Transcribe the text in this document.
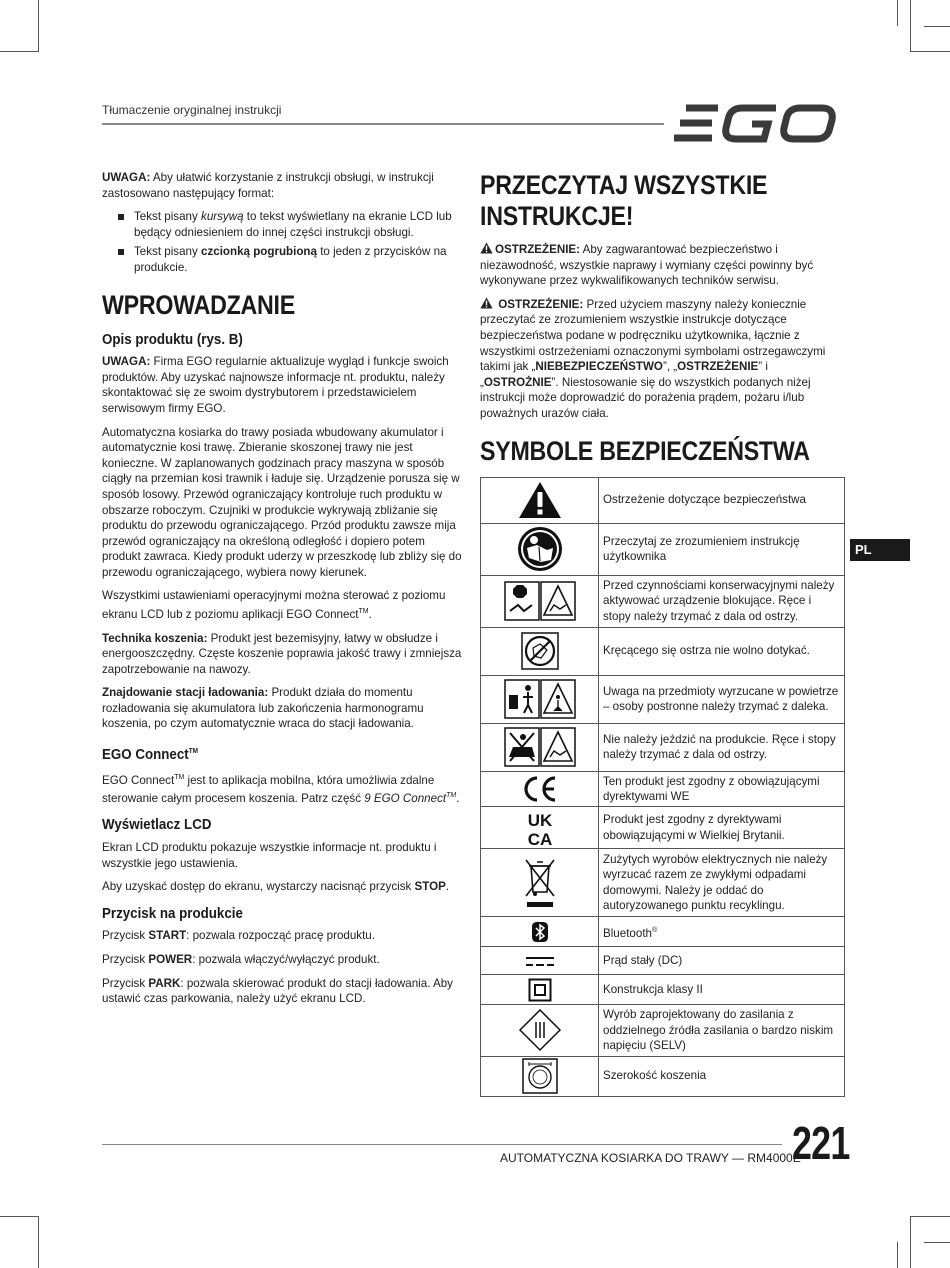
Tłumaczenie oryginalnej instrukcji

UWAGA: Aby ułatwić korzystanie z instrukcji obsługi, w instrukcji zastosowano następujący format:

Tekst pisany kursywą to tekst wyświetlany na ekranie LCD lub będący odniesieniem do innej części instrukcji obsługi.
Tekst pisany czcionką pogrubioną to jeden z przycisków na produkcie.
WPROWADZANIE
Opis produktu (rys. B)

UWAGA: Firma EGO regularnie aktualizuje wygląd i funkcje swoich produktów. Aby uzyskać najnowsze informacje nt. produktu, należy skontaktować się ze swoim dystrybutorem i przedstawicielem serwisowym firmy EGO.

Automatyczna kosiarka do trawy posiada wbudowany akumulator i automatycznie kosi trawę. Zbieranie skoszonej trawy nie jest konieczne. W zaplanowanych godzinach pracy maszyna w sposób ciągły na przemian kosi trawnik i ładuje się. Urządzenie porusza się w sposób losowy. Przewód ograniczający kontroluje ruch produktu w obszarze roboczym. Czujniki w produkcie wykrywają zbliżanie się produktu do przewodu ograniczającego. Przód produktu zawsze mija przewód ograniczający na określoną odległość i dopiero potem produkt zawraca. Kiedy produkt uderzy w przeszkodę lub zbliży się do przewodu ograniczającego, wybiera nowy kierunek.

Wszystkimi ustawieniami operacyjnymi można sterować z poziomu ekranu LCD lub z poziomu aplikacji EGO Connect™.

Technika koszenia: Produkt jest bezemisyjny, łatwy w obsłudze i energooszczędny. Częste koszenie poprawia jakość trawy i zmniejsza zapotrzebowanie na nawozy.

Znajdowanie stacji ładowania: Produkt działa do momentu rozładowania się akumulatora lub zakończenia harmonogramu koszenia, po czym automatycznie wraca do stacji ładowania.

EGO Connect™

EGO Connect™ jest to aplikacja mobilna, która umożliwia zdalne sterowanie całym procesem koszenia. Patrz część 9 EGO Connect™.

Wyświetlacz LCD

Ekran LCD produktu pokazuje wszystkie informacje nt. produktu i wszystkie jego ustawienia.

Aby uzyskać dostęp do ekranu, wystarczy nacisnąć przycisk STOP.

Przycisk na produkcie

Przycisk START: pozwala rozpocząć pracę produktu.

Przycisk POWER: pozwala włączyć/wyłączyć produkt.

Przycisk PARK: pozwala skierować produkt do stacji ładowania. Aby ustawić czas parkowania, należy użyć ekranu LCD.

PRZECZYTAJ WSZYSTKIE INSTRUKCJE!

OSTRZEŻENIE: Aby zagwarantować bezpieczeństwo i niezawodność, wszystkie naprawy i wymiany części powinny być wykonywane przez wykwalifikowanych techników serwisu.

OSTRZEŻENIE: Przed użyciem maszyny należy koniecznie przeczytać ze zrozumieniem wszystkie instrukcje dotyczące bezpieczeństwa podane w podręczniku użytkownika, łącznie z wszystkimi ostrzeżeniami oznaczonymi symbolami ostrzegawczymi takimi jak „NIEBEZPIECZEŃSTWO”, „OSTRZEŻENIE” i „OSTROŻNIE”. Niestosowanie się do wszystkich podanych niżej instrukcji może doprowadzić do porażenia prądem, pożaru i/lub poważnych urazów ciała.

SYMBOLE BEZPIECZEŃSTWA
	Ostrzeżenie dotyczące bezpieczeństwa

	Przeczytaj ze zrozumieniem instrukcję użytkownika

	Przed czynnościami konserwacyjnymi należy aktywować urządzenie blokujące. Ręce i stopy należy trzymać z dala od ostrzy.

	Kręcącego się ostrza nie wolno dotykać.

	Uwaga na przedmioty wyrzucane w powietrze – osoby postronne należy trzymać z daleka.

	Nie należy jeździć na produkcie. Ręce i stopy należy trzymać z dala od ostrzy.

	Ten produkt jest zgodny z obowiązującymi dyrektywami WE

UK
CA	Produkt jest zgodny z dyrektywami obowiązującymi w Wielkiej Brytanii.

	Zużytych wyrobów elektrycznych nie należy wyrzucać razem ze zwykłymi odpadami domowymi. Należy je oddać do autoryzowanego punktu recyklingu.

	Bluetooth®

	Prąd stały (DC)

	Konstrukcja klasy II

	Wyrób zaprojektowany do zasilania z oddzielnego źródła zasilania o bardzo niskim napięciu (SELV)

	Szerokość koszenia
PL
AUTOMATYCZNA KOSIARKA DO TRAWY — RM4000E
221
